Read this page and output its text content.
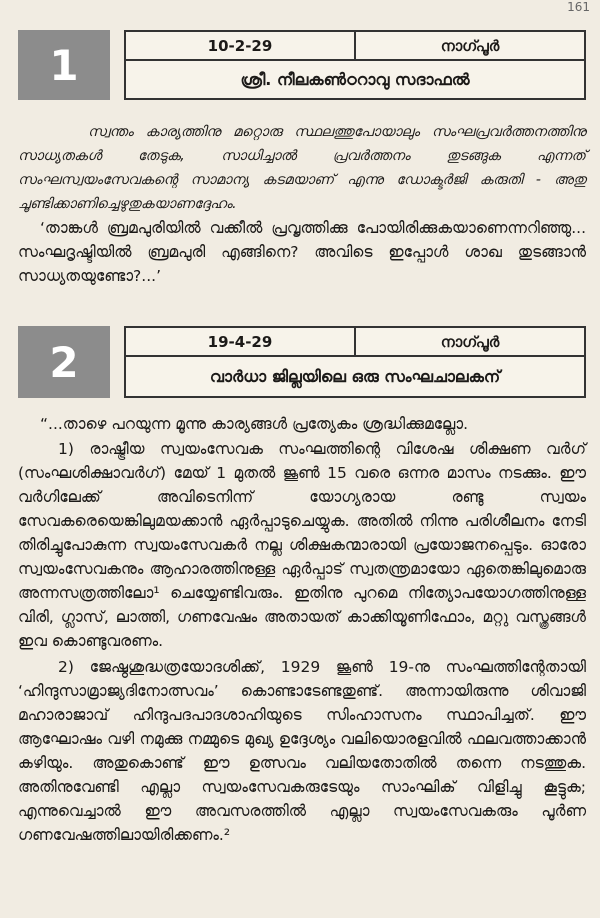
161
1	10-2-29	നാഗ്പൂർ
ശ്രീ. നീലകൺഠറാവു സദാഫൽ

സ്വന്തം കാര്യത്തിനു മറ്റൊരു സ്ഥലത്തുപോയാലും സംഘപ്രവർത്തനത്തിനു സാധ്യതകൾ തേടുക, സാധിച്ചാൽ പ്രവർത്തനം തുടങ്ങുക എന്നത് സംഘസ്വയംസേവകന്റെ സാമാന്യ കടമയാണ് എന്നു ഡോക്ടർജി കരുതി - അതു ചൂണ്ടിക്കാണിച്ചെഴുതുകയാണദ്ദേഹം.

‘താങ്കൾ ബ്രമപുരിയിൽ വക്കീൽ പ്രവൃത്തിക്കു പോയിരിക്കുകയാണെന്നറിഞ്ഞു... സംഘദൃഷ്ടിയിൽ ബ്രമപുരി എങ്ങിനെ? അവിടെ ഇപ്പോൾ ശാഖ തുടങ്ങാൻ സാധ്യതയുണ്ടോ?...’

2	19-4-29	നാഗ്പൂർ
വാർധാ ജില്ലയിലെ ഒരു സംഘചാലകന്

“...താഴെ പറയുന്ന മൂന്നു കാര്യങ്ങൾ പ്രത്യേകം ശ്രദ്ധിക്കുമല്ലോ.

1) രാഷ്ട്രീയ സ്വയംസേവക സംഘത്തിന്റെ വിശേഷ ശിക്ഷണ വർഗ് (സംഘശിക്ഷാവർഗ്) മേയ് 1 മുതൽ ജൂൺ 15 വരെ ഒന്നര മാസം നടക്കും. ഈ വർഗിലേക്ക് അവിടെനിന്ന് യോഗ്യരായ രണ്ടു സ്വയം സേവകരെയെങ്കിലുമയക്കാൻ ഏർപ്പാടുചെയ്യുക. അതിൽ നിന്നു പരിശീലനം നേടി തിരിച്ചുപോകുന്ന സ്വയംസേവകർ നല്ല ശിക്ഷകന്മാരായി പ്രയോജനപ്പെടും. ഓരോ സ്വയംസേവകനും ആഹാരത്തിനുള്ള ഏർപ്പാട് സ്വതന്ത്രമായോ ഏതെങ്കിലുമൊരു അന്നസത്രത്തിലോ¹ ചെയ്യേണ്ടിവരും. ഇതിനു പുറമെ നിത്യോപയോഗത്തിനുള്ള വിരി, ഗ്ലാസ്, ലാത്തി, ഗണവേഷം അതായത് കാക്കിയൂണിഫോം, മറ്റു വസ്ത്രങ്ങൾ ഇവ കൊണ്ടുവരണം.

2) ജേഷ്ഠശുദ്ധത്രയോദശിക്ക്, 1929 ജൂൺ 19-നു സംഘത്തിന്റേതായി ‘ഹിന്ദുസാമ്രാജ്യദിനോത്സവം’ കൊണ്ടാടേണ്ടതുണ്ട്. അന്നായിരുന്നു ശിവാജി മഹാരാജാവ് ഹിന്ദുപദപാദശാഹിയുടെ സിംഹാസനം സ്ഥാപിച്ചത്. ഈ ആഘോഷം വഴി നമുക്കു നമ്മുടെ മുഖ്യ ഉദ്ദേശ്യം വലിയൊരളവിൽ ഫലവത്താക്കാൻ കഴിയും. അതുകൊണ്ട് ഈ ഉത്സവം വലിയതോതിൽ തന്നെ നടത്തുക. അതിനുവേണ്ടി എല്ലാ സ്വയംസേവകരുടേയും സാംഘിക് വിളിച്ചു കൂട്ടുക; എന്നുവെച്ചാൽ ഈ അവസരത്തിൽ എല്ലാ സ്വയംസേവകരും പൂർണ ഗണവേഷത്തിലായിരിക്കണം.²
